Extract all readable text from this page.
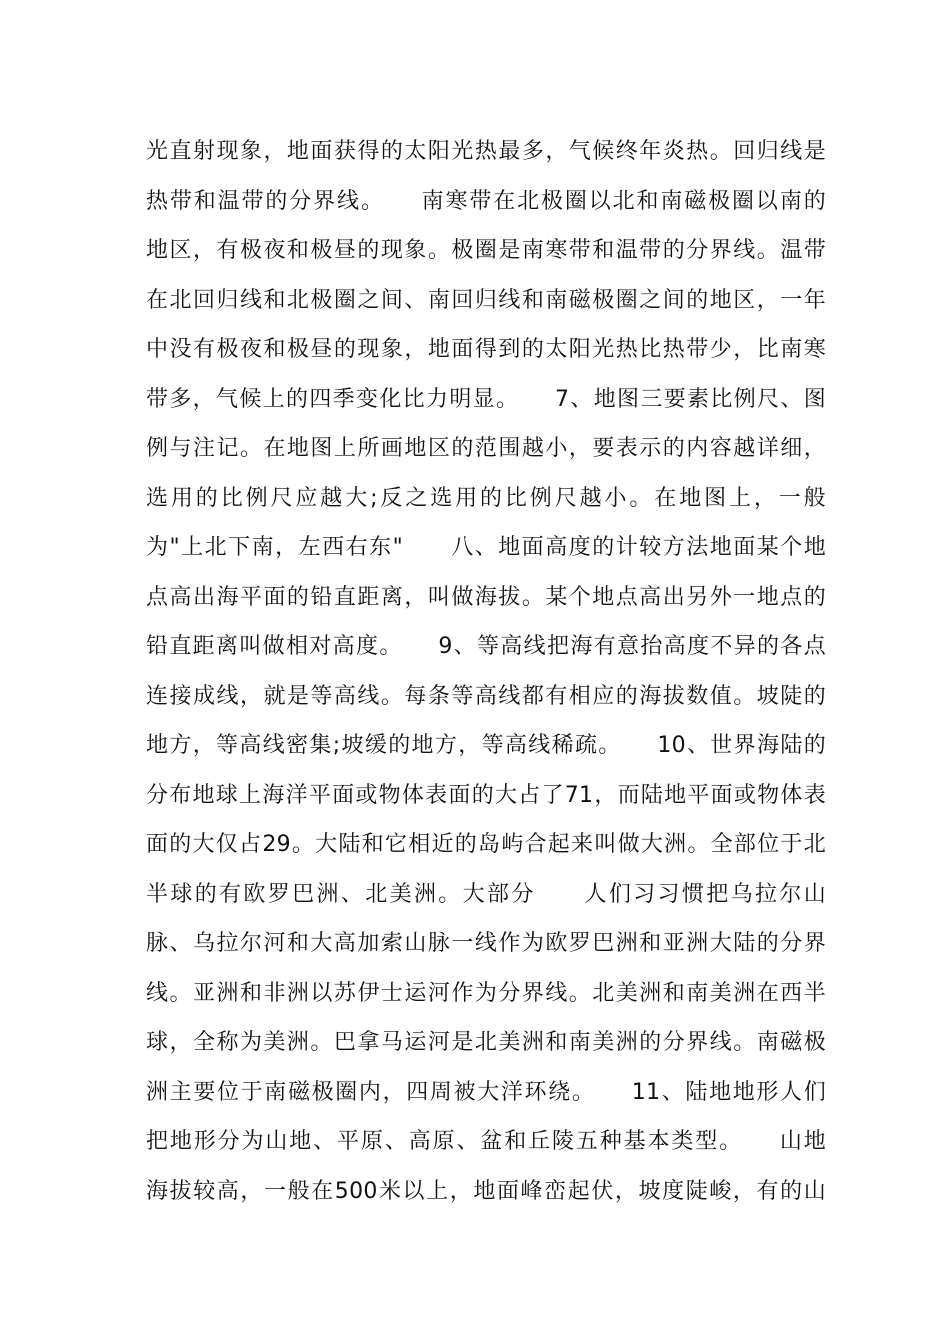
光直射现象，地面获得的太阳光热最多，气候终年炎热。回归线是
热带和温带的分界线。　　南寒带在北极圈以北和南磁极圈以南的
地区，有极夜和极昼的现象。极圈是南寒带和温带的分界线。温带
在北回归线和北极圈之间、南回归线和南磁极圈之间的地区，一年
中没有极夜和极昼的现象，地面得到的太阳光热比热带少，比南寒
带多，气候上的四季变化比力明显。　　7、地图三要素比例尺、图
例与注记。在地图上所画地区的范围越小，要表示的内容越详细，
选用的比例尺应越大;反之选用的比例尺越小。在地图上，一般
为"上北下南，左西右东"　　八、地面高度的计较方法地面某个地
点高出海平面的铅直距离，叫做海拔。某个地点高出另外一地点的
铅直距离叫做相对高度。　　9、等高线把海有意抬高度不异的各点
连接成线，就是等高线。每条等高线都有相应的海拔数值。坡陡的
地方，等高线密集;坡缓的地方，等高线稀疏。　　10、世界海陆的
分布地球上海洋平面或物体表面的大占了71，而陆地平面或物体表
面的大仅占29。大陆和它相近的岛屿合起来叫做大洲。全部位于北
半球的有欧罗巴洲、北美洲。大部分　　人们习习惯把乌拉尔山
脉、乌拉尔河和大高加索山脉一线作为欧罗巴洲和亚洲大陆的分界
线。亚洲和非洲以苏伊士运河作为分界线。北美洲和南美洲在西半
球，全称为美洲。巴拿马运河是北美洲和南美洲的分界线。南磁极
洲主要位于南磁极圈内，四周被大洋环绕。　　11、陆地地形人们
把地形分为山地、平原、高原、盆和丘陵五种基本类型。　　山地
海拔较高，一般在500米以上，地面峰峦起伏，坡度陡峻，有的山
